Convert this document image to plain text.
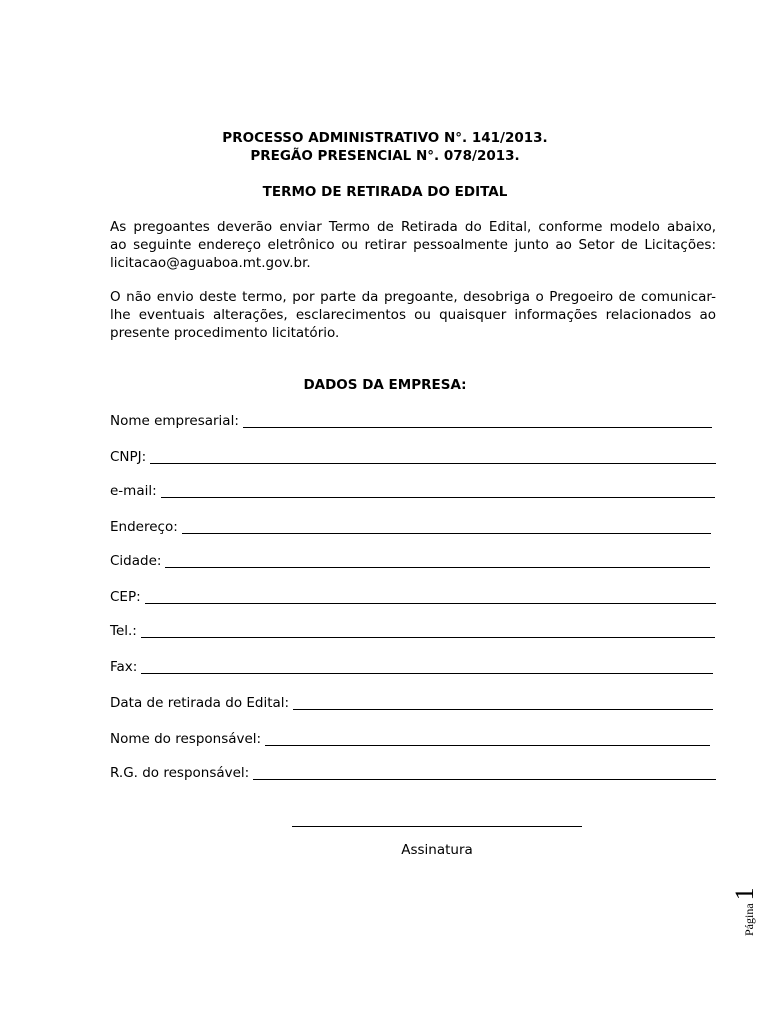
PROCESSO ADMINISTRATIVO N°. 141/2013.
PREGÃO PRESENCIAL N°. 078/2013.
TERMO DE RETIRADA DO EDITAL
As pregoantes deverão enviar Termo de Retirada do Edital, conforme modelo abaixo,
ao seguinte endereço eletrônico ou retirar pessoalmente junto ao Setor de Licitações:
licitacao@aguaboa.mt.gov.br.
O não envio deste termo, por parte da pregoante, desobriga o Pregoeiro de comunicar-
lhe eventuais alterações, esclarecimentos ou quaisquer informações relacionados ao
presente procedimento licitatório.
DADOS DA EMPRESA:
Nome empresarial:
CNPJ:
e-mail:
Endereço:
Cidade:
CEP:
Tel.:
Fax:
Data de retirada do Edital:
Nome do responsável:
R.G. do responsável:
Assinatura
Página1
